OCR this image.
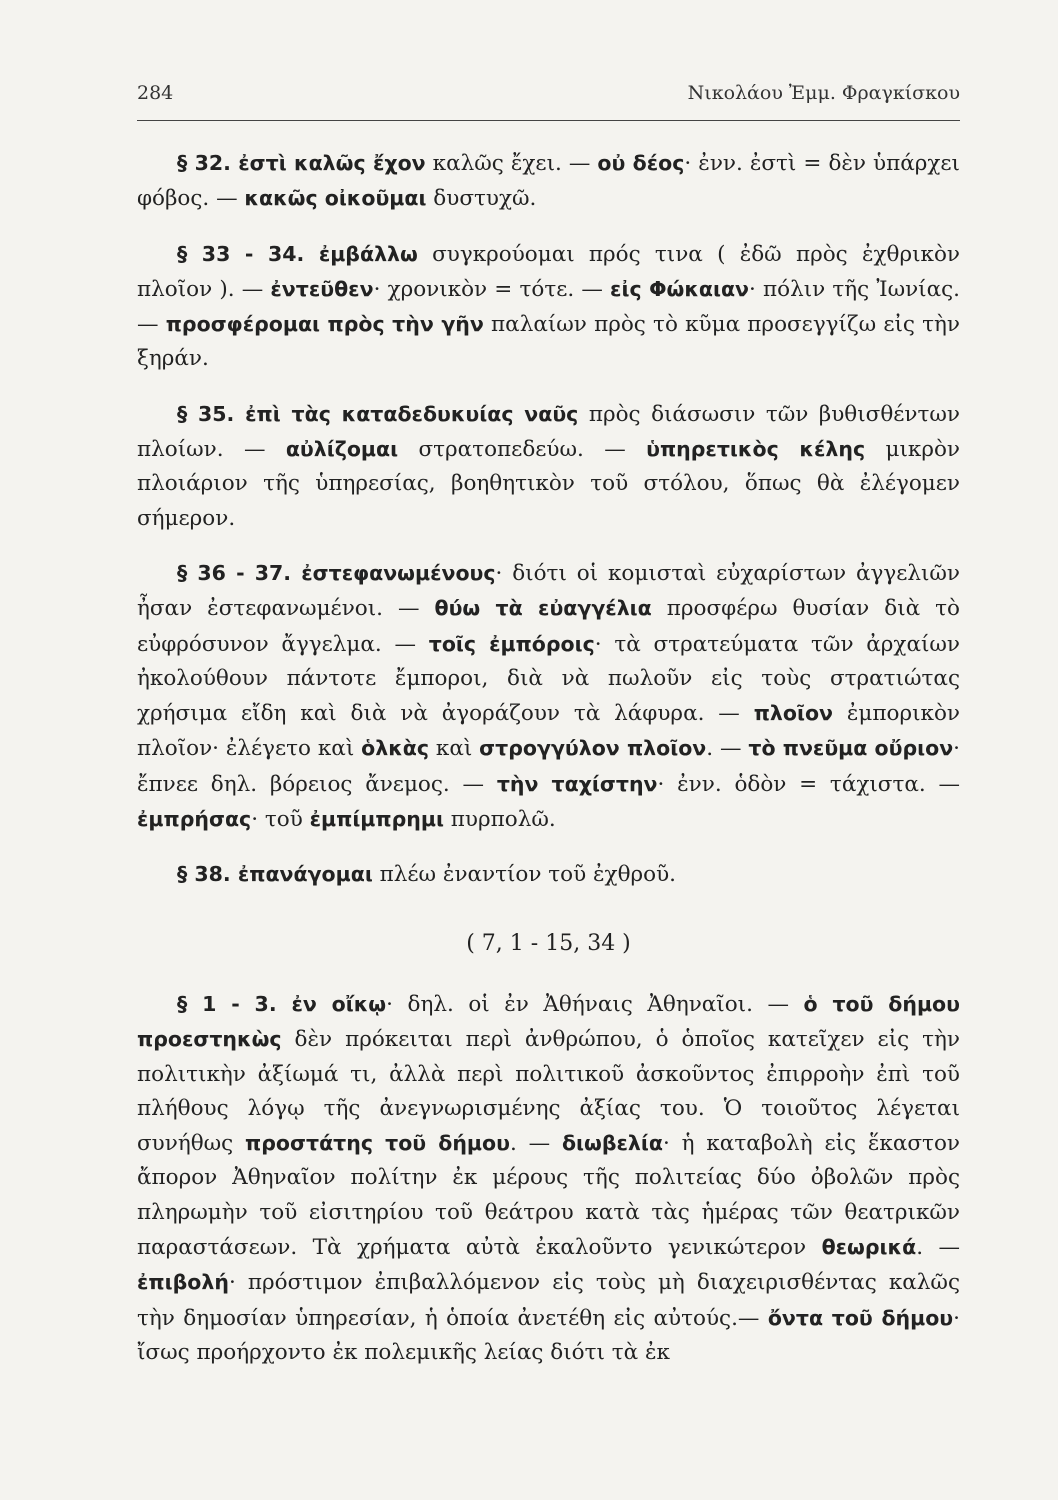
284	Νικολάου Ἐμμ. Φραγκίσκου

§ 32. ἐστὶ καλῶς ἔχον καλῶς ἔχει. — οὐ δέος· ἐνν. ἐστὶ = δὲν ὑπάρχει φόβος. — κακῶς οἰκοῦμαι δυστυχῶ.

§ 33 - 34. ἐμβάλλω συγκρούομαι πρός τινα ( ἐδῶ πρὸς ἐχθρικὸν πλοῖον ). — ἐντεῦθεν· χρονικὸν = τότε. — εἰς Φώκαιαν· πόλιν τῆς Ἰωνίας. — προσφέρομαι πρὸς τὴν γῆν παλαίων πρὸς τὸ κῦμα προσεγγίζω εἰς τὴν ξηράν.

§ 35. ἐπὶ τὰς καταδεδυκυίας ναῦς πρὸς διάσωσιν τῶν βυθισθέντων πλοίων. — αὐλίζομαι στρατοπεδεύω. — ὑπηρετικὸς κέλης μικρὸν πλοιάριον τῆς ὑπηρεσίας, βοηθητικὸν τοῦ στόλου, ὅπως θὰ ἐλέγομεν σήμερον.

§ 36 - 37. ἐστεφανωμένους· διότι οἱ κομισταὶ εὐχαρίστων ἀγγελιῶν ἦσαν ἐστεφανωμένοι. — θύω τὰ εὐαγγέλια προσφέρω θυσίαν διὰ τὸ εὐφρόσυνον ἄγγελμα. — τοῖς ἐμπόροις· τὰ στρατεύματα τῶν ἀρχαίων ἠκολούθουν πάντοτε ἔμποροι, διὰ νὰ πωλοῦν εἰς τοὺς στρατιώτας χρήσιμα εἴδη καὶ διὰ νὰ ἀγοράζουν τὰ λάφυρα. — πλοῖον ἐμπορικὸν πλοῖον· ἐλέγετο καὶ ὁλκὰς καὶ στρογγύλον πλοῖον. — τὸ πνεῦμα οὔριον· ἔπνεε δηλ. βόρειος ἄνεμος. — τὴν ταχίστην· ἐνν. ὁδὸν = τάχιστα. — ἐμπρήσας· τοῦ ἐμπίμπρημι πυρπολῶ.

§ 38. ἐπανάγομαι πλέω ἐναντίον τοῦ ἐχθροῦ.

( 7, 1 - 15, 34 )

§ 1 - 3. ἐν οἴκῳ· δηλ. οἱ ἐν Ἀθήναις Ἀθηναῖοι. — ὁ τοῦ δήμου προεστηκὼς δὲν πρόκειται περὶ ἀνθρώπου, ὁ ὁποῖος κατεῖχεν εἰς τὴν πολιτικὴν ἀξίωμά τι, ἀλλὰ περὶ πολιτικοῦ ἀσκοῦντος ἐπιρροὴν ἐπὶ τοῦ πλήθους λόγῳ τῆς ἀνεγνωρισμένης ἀξίας του. Ὁ τοιοῦτος λέγεται συνήθως προστάτης τοῦ δήμου. — διωβελία· ἡ καταβολὴ εἰς ἕκαστον ἄπορον Ἀθηναῖον πολίτην ἐκ μέρους τῆς πολιτείας δύο ὀβολῶν πρὸς πληρωμὴν τοῦ εἰσιτηρίου τοῦ θεάτρου κατὰ τὰς ἡμέρας τῶν θεατρικῶν παραστάσεων. Τὰ χρήματα αὐτὰ ἐκαλοῦντο γενικώτερον θεωρικά. — ἐπιβολή· πρόστιμον ἐπιβαλλόμενον εἰς τοὺς μὴ διαχειρισθέντας καλῶς τὴν δημοσίαν ὑπηρεσίαν, ἡ ὁποία ἀνετέθη εἰς αὐτούς.— ὄντα τοῦ δήμου· ἴσως προήρχοντο ἐκ πολεμικῆς λείας διότι τὰ ἐκ
